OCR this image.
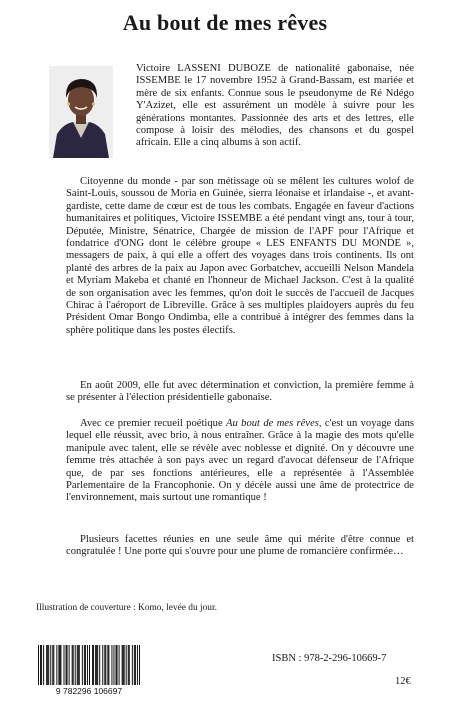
Au bout de mes rêves

Victoire LASSENI DUBOZE de nationalité gabonaise, née ISSEMBE le 17 novembre 1952 à Grand-Bassam, est mariée et mère de six enfants. Connue sous le pseudonyme de Ré Ndégo Y'Azizet, elle est assurément un modèle à suivre pour les générations montantes. Passionnée des arts et des lettres, elle compose à loisir des mélodies, des chansons et du gospel africain. Elle a cinq albums à son actif.

Citoyenne du monde - par son métissage où se mêlent les cultures wolof de Saint-Louis, soussou de Moria en Guinée, sierra léonaise et irlandaise -, et avant-gardiste, cette dame de cœur est de tous les combats. Engagée en faveur d'actions humanitaires et politiques, Victoire ISSEMBE a été pendant vingt ans, tour à tour, Députée, Ministre, Sénatrice, Chargée de mission de l'APF pour l'Afrique et fondatrice d'ONG dont le célèbre groupe « LES ENFANTS DU MONDE », messagers de paix, à qui elle a offert des voyages dans trois continents. Ils ont planté des arbres de la paix au Japon avec Gorbatchev, accueilli Nelson Mandela et Myriam Makeba et chanté en l'honneur de Michael Jackson. C'est à la qualité de son organisation avec les femmes, qu'on doit le succès de l'accueil de Jacques Chirac à l'aéroport de Libreville. Grâce à ses multiples plaidoyers auprès du feu Président Omar Bongo Ondimba, elle a contribué à intégrer des femmes dans la sphère politique dans les postes électifs.

En août 2009, elle fut avec détermination et conviction, la première femme à se présenter à l'élection présidentielle gabonaise.

Avec ce premier recueil poétique Au bout de mes rêves, c'est un voyage dans lequel elle réussit, avec brio, à nous entraîner. Grâce à la magie des mots qu'elle manipule avec talent, elle se révèle avec noblesse et dignité. On y découvre une femme très attachée à son pays avec un regard d'avocat défenseur de l'Afrique que, de par ses fonctions antérieures, elle a représentée à l'Assemblée Parlementaire de la Francophonie. On y décèle aussi une âme de protectrice de l'environnement, mais surtout une romantique !

Plusieurs facettes réunies en une seule âme qui mérite d'être connue et congratulée ! Une porte qui s'ouvre pour une plume de romancière confirmée…

Illustration de couverture : Komo, levée du jour.
9 782296 106697
ISBN : 978-2-296-10669-7
12€
